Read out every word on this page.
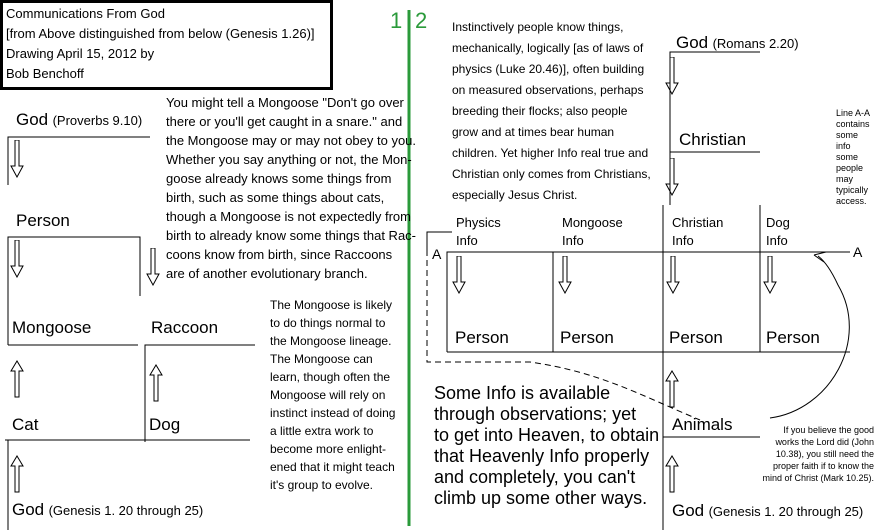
Communications From God
[from Above distinguished from below (Genesis 1.26)]
Drawing April 15, 2012 by
Bob Benchoff
1 2
God (Proverbs 9.10)
Person
Mongoose	Raccoon
Cat	Dog
God (Genesis 1. 20 through 25)
You might tell a Mongoose "Don't go over
there or you'll get caught in a snare." and
the Mongoose may or may not obey to you.
Whether you say anything or not, the Mon-
goose already knows some things from
birth, such as some things about cats,
though a Mongoose is not expectedly from
birth to already know some things that Rac-
coons know from birth, since Raccoons
are of another evolutionary branch.
The Mongoose is likely
to do things normal to
the Mongoose lineage.
The Mongoose can
learn, though often the
Mongoose will rely on
instinct instead of doing
a little extra work to
become more enlight-
ened that it might teach
it's group to evolve.
Instinctively people know things,
mechanically, logically [as of laws of
physics (Luke 20.46)], often building
on measured observations, perhaps
breeding their flocks; also people
grow and at times bear human
children. Yet higher Info real true and
Christian only comes from Christians,
especially Jesus Christ.
God (Romans 2.20)
Christian
Line A-A
contains
some
info
some
people
may
typically
access.
Physics
Info
Mongoose
Info
Christian
Info
Dog
Info
A	A
Person	Person	Person	Person
Some Info is available
through observations; yet
to get into Heaven, to obtain
that Heavenly Info properly
and completely, you can't
climb up some other ways.
Animals	If you believe the good
works the Lord did (John
10.38), you still need the
proper faith if to know the
mind of Christ (Mark 10.25).
God (Genesis 1. 20 through 25)
